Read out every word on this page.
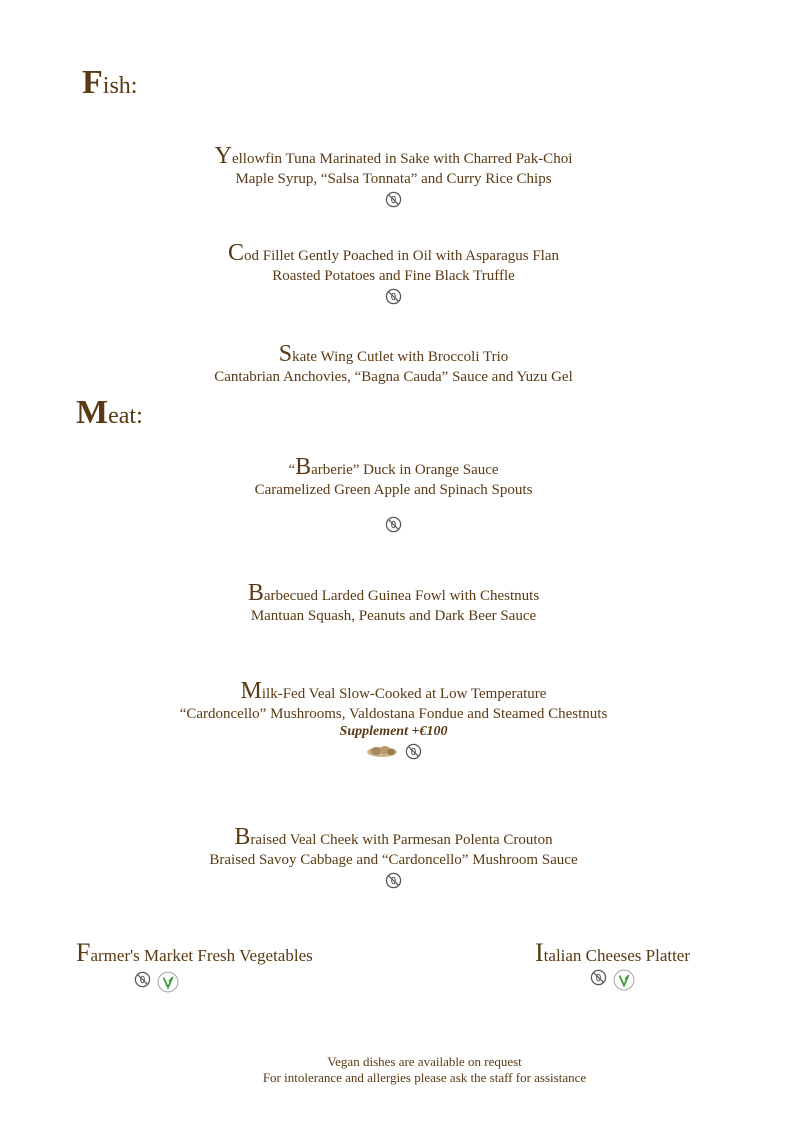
Fish:
Meat:
Yellowfin Tuna Marinated in Sake with Charred Pak-Choi
Maple Syrup, “Salsa Tonnata” and Curry Rice Chips
Cod Fillet Gently Poached in Oil with Asparagus Flan
Roasted Potatoes and Fine Black Truffle
Skate Wing Cutlet with Broccoli Trio
Cantabrian Anchovies, “Bagna Cauda” Sauce and Yuzu Gel
“Barberie” Duck in Orange Sauce
Caramelized Green Apple and Spinach Spouts
Barbecued Larded Guinea Fowl with Chestnuts
Mantuan Squash, Peanuts and Dark Beer Sauce
Milk-Fed Veal Slow-Cooked at Low Temperature
“Cardoncello” Mushrooms, Valdostana Fondue and Steamed Chestnuts
Supplement +€100
Braised Veal Cheek with Parmesan Polenta Crouton
Braised Savoy Cabbage and “Cardoncello” Mushroom Sauce
Farmer's Market Fresh Vegetables	Italian Cheeses Platter
Vegan dishes are available on request
For intolerance and allergies please ask the staff for assistance
